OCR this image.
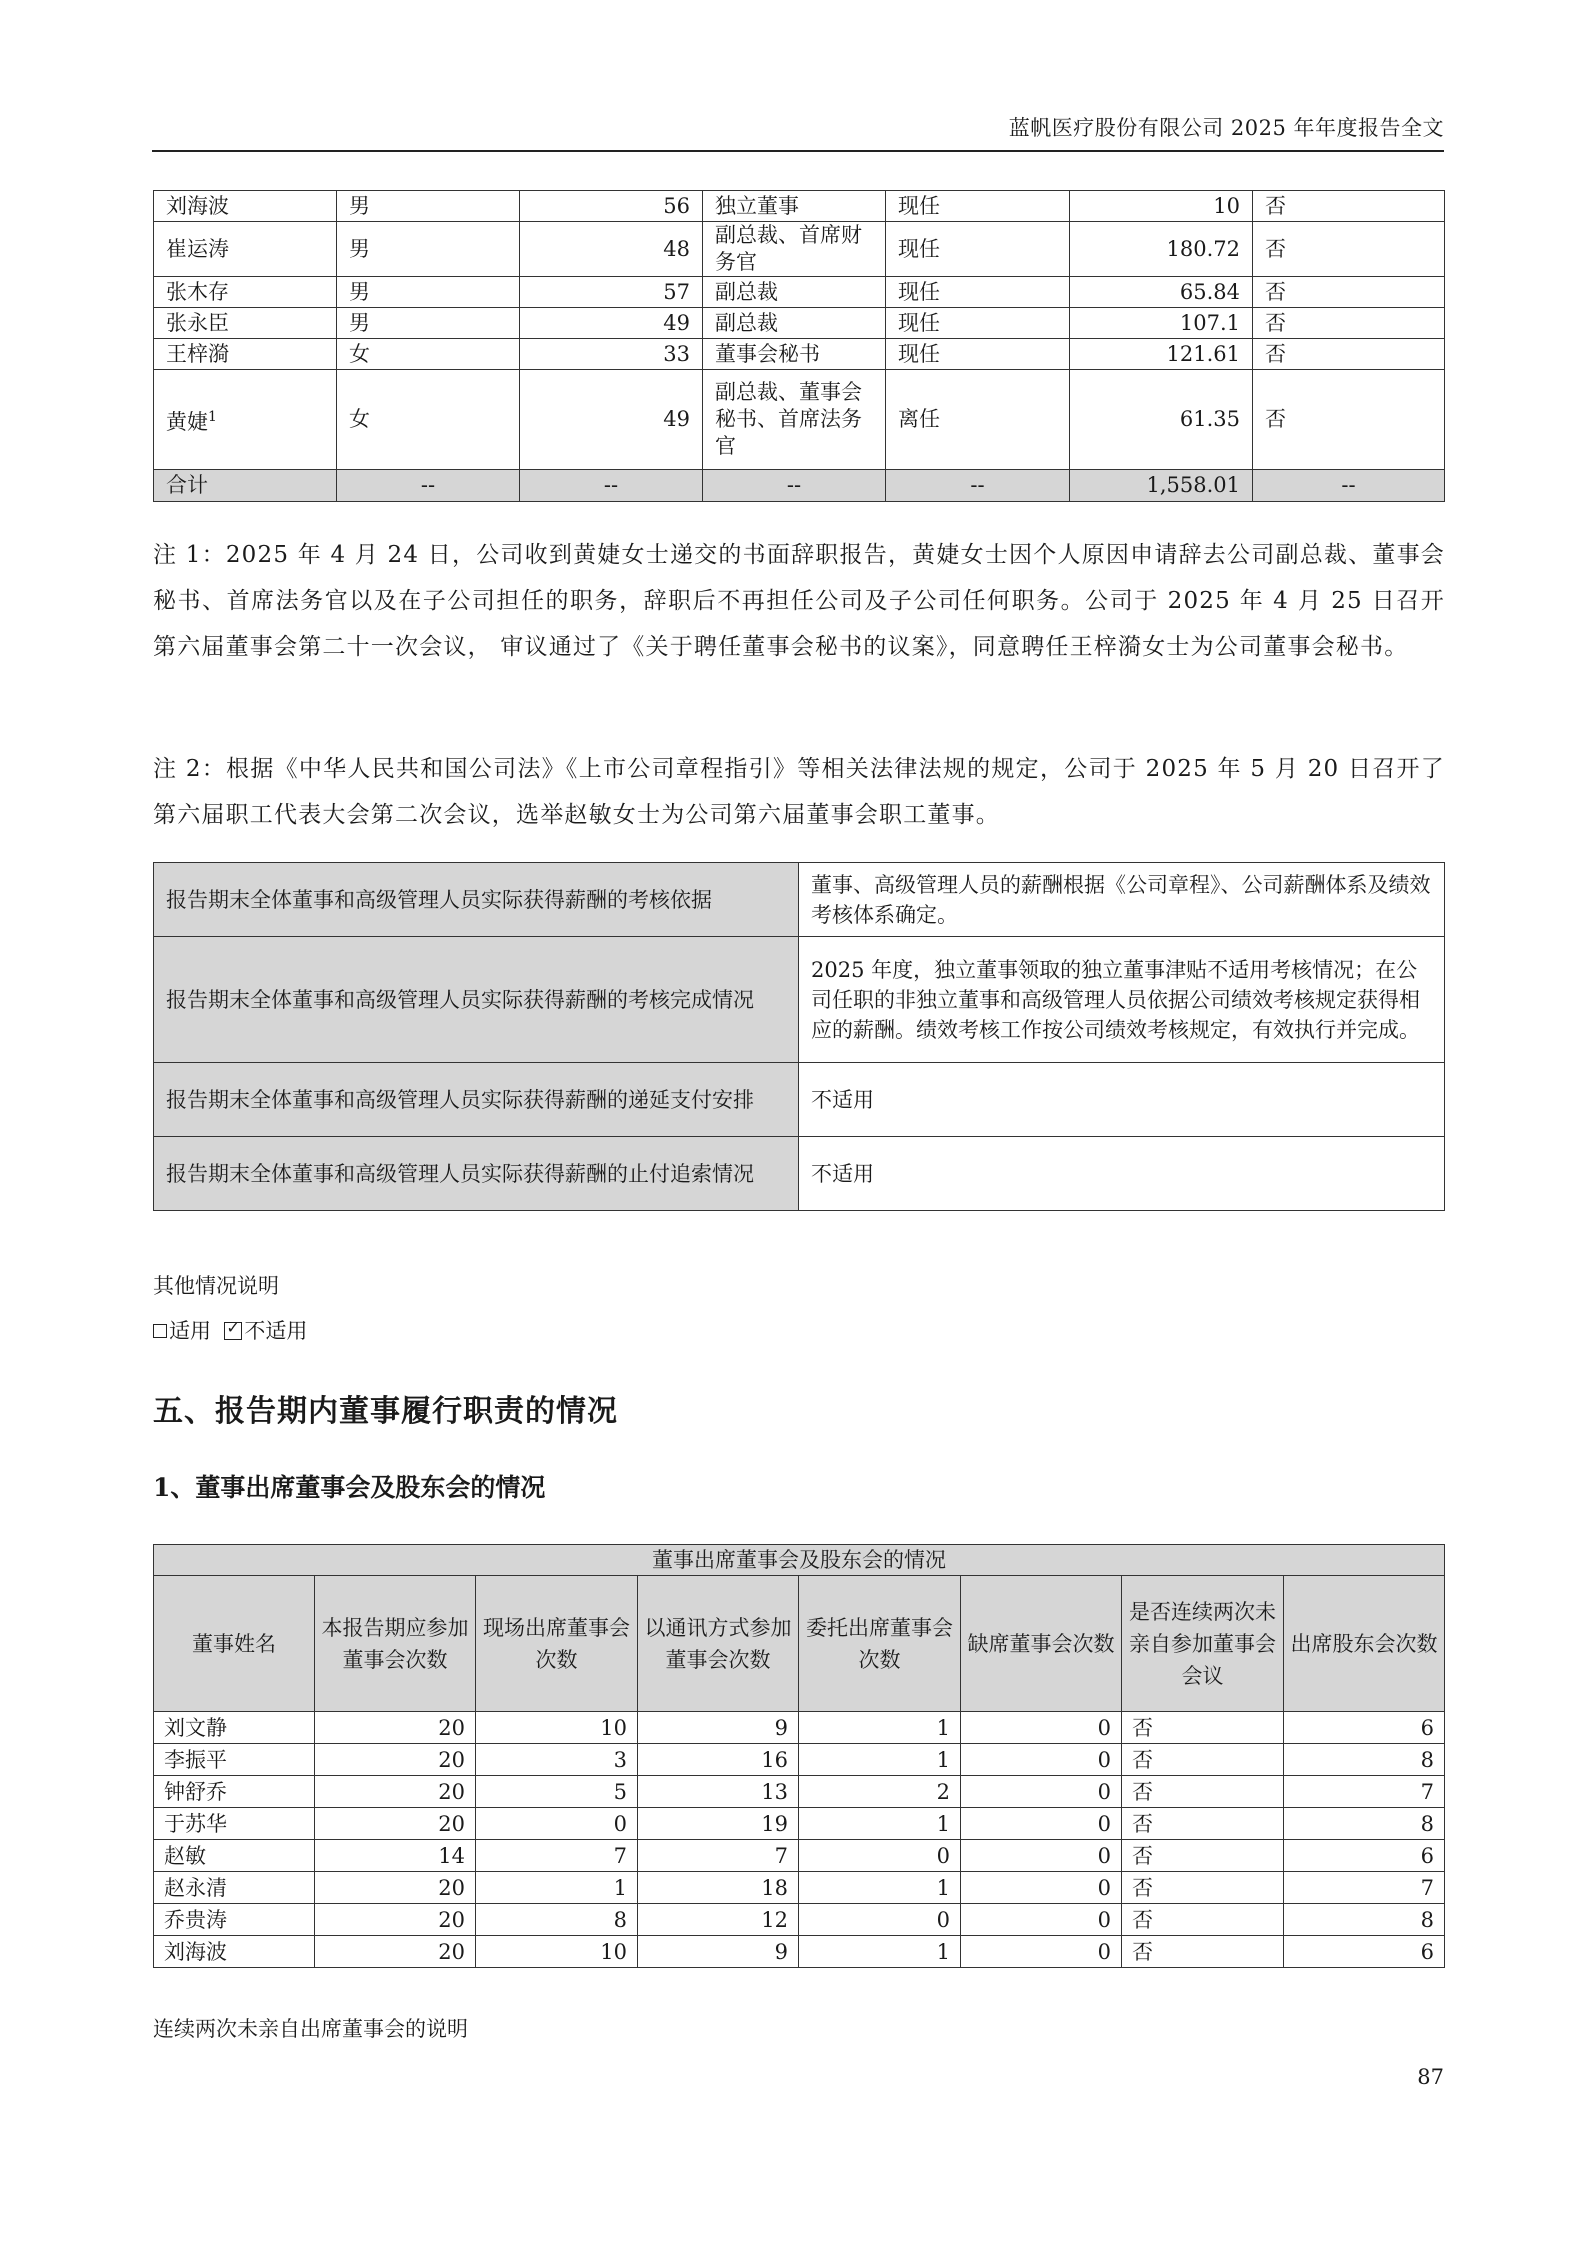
蓝帆医疗股份有限公司 2025 年年度报告全文
刘海波	男	56	独立董事	现任	10	否
崔运涛	男	48	副总裁、首席财务官	现任	180.72	否
张木存	男	57	副总裁	现任	65.84	否
张永臣	男	49	副总裁	现任	107.1	否
王梓漪	女	33	董事会秘书	现任	121.61	否
黄婕$^1$	女	49	副总裁、董事会秘书、首席法务官	离任	61.35	否
合计	--	--	--	--	1,558.01	--
注 1：2025 年 4 月 24 日，公司收到黄婕女士递交的书面辞职报告，黄婕女士因个人原因申请辞去公司副总裁、董事会秘书、首席法务官以及在子公司担任的职务，辞职后不再担任公司及子公司任何职务。公司于 2025 年 4 月 25 日召开第六届董事会第二十一次会议， 审议通过了《关于聘任董事会秘书的议案》，同意聘任王梓漪女士为公司董事会秘书。
注 2：根据《中华人民共和国公司法》《上市公司章程指引》等相关法律法规的规定，公司于 2025 年 5 月 20 日召开了第六届职工代表大会第二次会议，选举赵敏女士为公司第六届董事会职工董事。
报告期末全体董事和高级管理人员实际获得薪酬的考核依据	董事、高级管理人员的薪酬根据《公司章程》、公司薪酬体系及绩效考核体系确定。
报告期末全体董事和高级管理人员实际获得薪酬的考核完成情况	2025 年度，独立董事领取的独立董事津贴不适用考核情况；在公司任职的非独立董事和高级管理人员依据公司绩效考核规定获得相应的薪酬。绩效考核工作按公司绩效考核规定，有效执行并完成。
报告期末全体董事和高级管理人员实际获得薪酬的递延支付安排	不适用
报告期末全体董事和高级管理人员实际获得薪酬的止付追索情况	不适用
其他情况说明
适用 ✓ 不适用
五、报告期内董事履行职责的情况
1、董事出席董事会及股东会的情况
董事出席董事会及股东会的情况							
董事姓名	本报告期应参加董事会次数	现场出席董事会次数	以通讯方式参加董事会次数	委托出席董事会次数	缺席董事会次数	是否连续两次未亲自参加董事会会议	出席股东会次数
刘文静	20	10	9	1	0	否	6
李振平	20	3	16	1	0	否	8
钟舒乔	20	5	13	2	0	否	7
于苏华	20	0	19	1	0	否	8
赵敏	14	7	7	0	0	否	6
赵永清	20	1	18	1	0	否	7
乔贵涛	20	8	12	0	0	否	8
刘海波	20	10	9	1	0	否	6
连续两次未亲自出席董事会的说明
87
